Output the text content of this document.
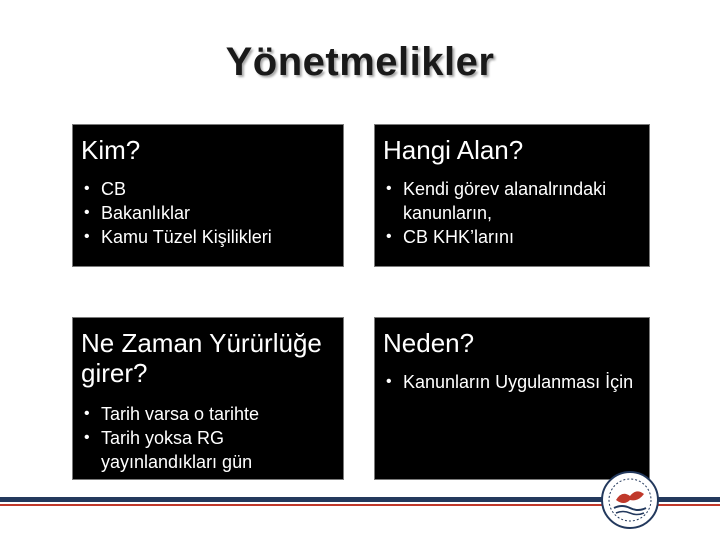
Yönetmelikler
Kim?
• CB
• Bakanlıklar
• Kamu Tüzel Kişilikleri
Hangi Alan?
• Kendi görev alanalrındaki kanunların,
• CB KHK’larını
Ne Zaman Yürürlüğe girer?
• Tarih varsa o tarihte
• Tarih yoksa RG yayınlandıkları gün
Neden?
• Kanunların Uygulanması İçin
